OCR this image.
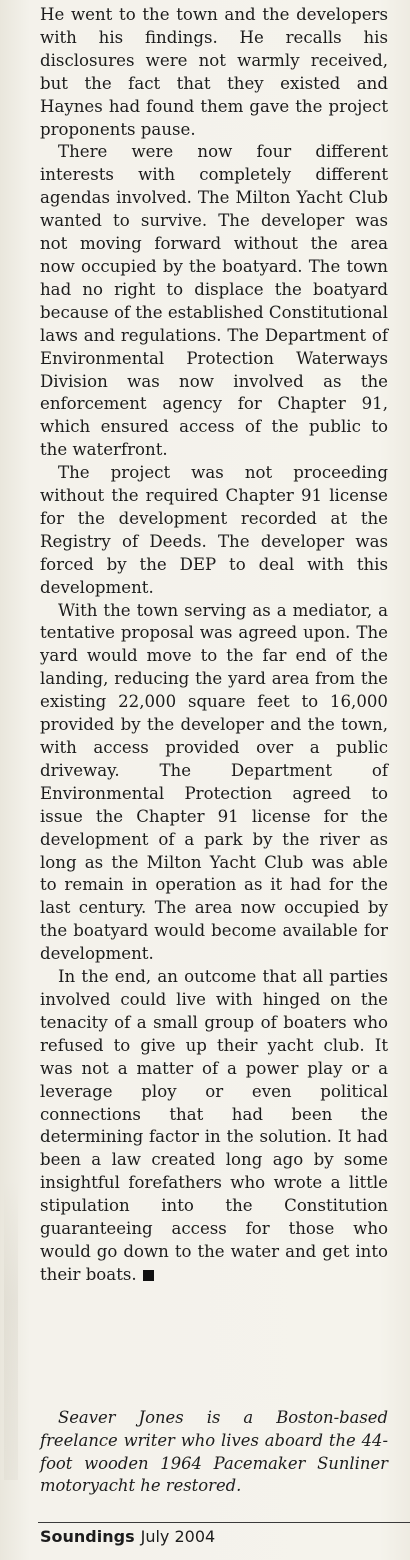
He went to the town and the developers with his findings. He recalls his disclosures were not warmly received, but the fact that they existed and Haynes had found them gave the project proponents pause.

There were now four different interests with completely different agendas involved. The Milton Yacht Club wanted to survive. The developer was not moving forward without the area now occupied by the boatyard. The town had no right to displace the boatyard because of the established Constitutional laws and regulations. The Department of Environmental Protection Waterways Division was now involved as the enforcement agency for Chapter 91, which ensured access of the public to the waterfront.

The project was not proceeding without the required Chapter 91 license for the development recorded at the Registry of Deeds. The developer was forced by the DEP to deal with this development.

With the town serving as a mediator, a tentative proposal was agreed upon. The yard would move to the far end of the landing, reducing the yard area from the existing 22,000 square feet to 16,000 provided by the developer and the town, with access provided over a public driveway. The Department of Environmental Protection agreed to issue the Chapter 91 license for the development of a park by the river as long as the Milton Yacht Club was able to remain in operation as it had for the last century. The area now occupied by the boatyard would become available for development.

In the end, an outcome that all parties involved could live with hinged on the tenacity of a small group of boaters who refused to give up their yacht club. It was not a matter of a power play or a leverage ploy or even political connections that had been the determining factor in the solution. It had been a law created long ago by some insightful forefathers who wrote a little stipulation into the Constitution guaranteeing access for those who would go down to the water and get into their boats.

Seaver Jones is a Boston-based freelance writer who lives aboard the 44-foot wooden 1964 Pacemaker Sunliner motoryacht he restored.

Soundings July 2004
